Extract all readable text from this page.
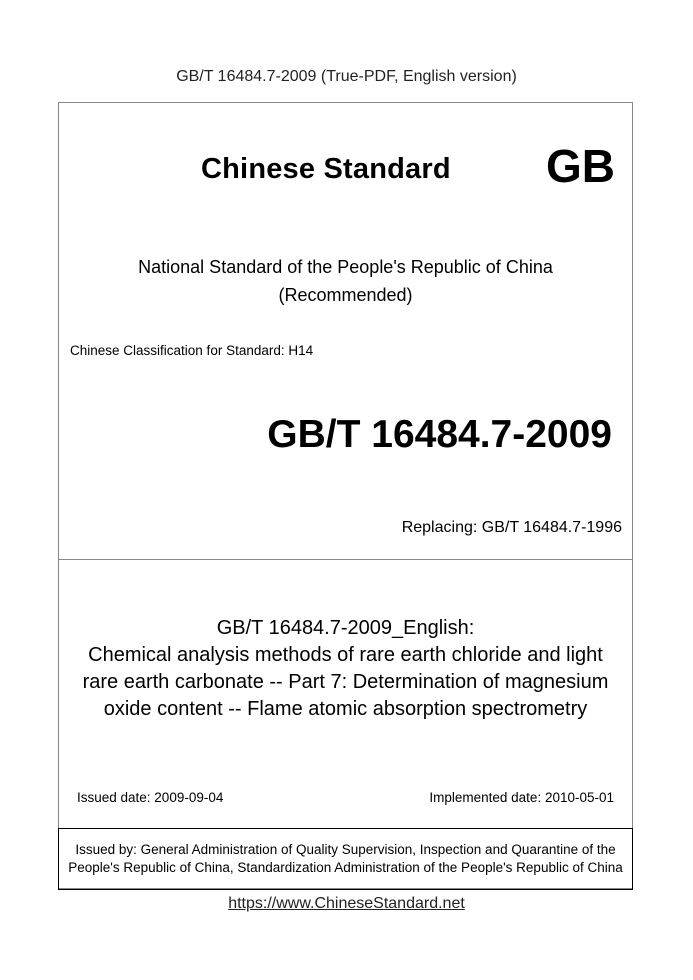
GB/T 16484.7-2009 (True-PDF, English version)
Chinese Standard GB
National Standard of the People's Republic of China
(Recommended)
Chinese Classification for Standard: H14
GB/T 16484.7-2009
Replacing: GB/T 16484.7-1996
GB/T 16484.7-2009_English:
Chemical analysis methods of rare earth chloride and light
rare earth carbonate -- Part 7: Determination of magnesium
oxide content -- Flame atomic absorption spectrometry
Issued date: 2009-09-04	Implemented date: 2010-05-01
Issued by: General Administration of Quality Supervision, Inspection and Quarantine of the People's Republic of China, Standardization Administration of the People's Republic of China
https://www.ChineseStandard.net
